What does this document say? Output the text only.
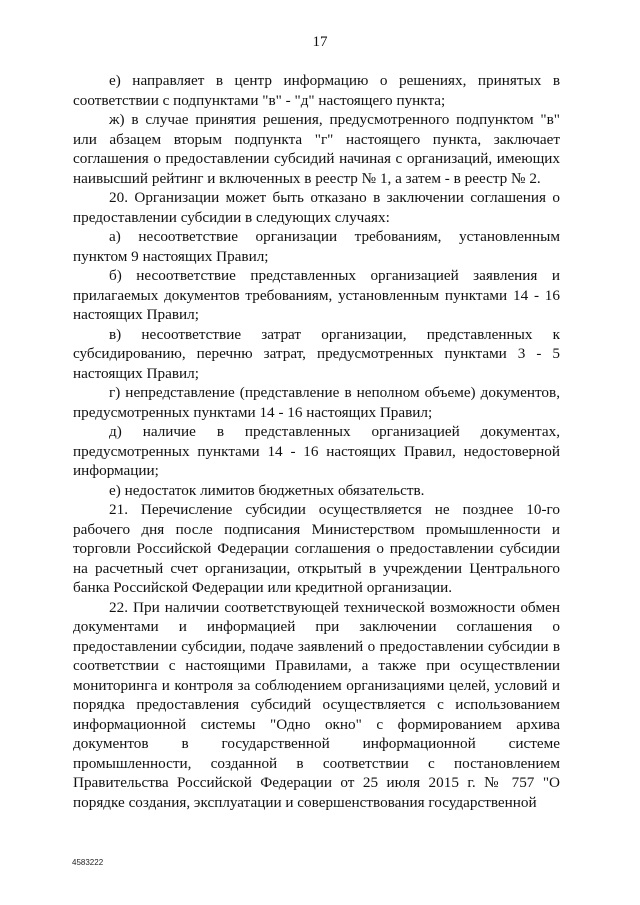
17

е) направляет в центр информацию о решениях, принятых в соответствии с подпунктами "в" - "д" настоящего пункта;

ж) в случае принятия решения, предусмотренного подпунктом "в" или абзацем вторым подпункта "г" настоящего пункта, заключает соглашения о предоставлении субсидий начиная с организаций, имеющих наивысший рейтинг и включенных в реестр № 1, а затем - в реестр № 2.

20. Организации может быть отказано в заключении соглашения о предоставлении субсидии в следующих случаях:

а) несоответствие организации требованиям, установленным пунктом 9 настоящих Правил;

б) несоответствие представленных организацией заявления и прилагаемых документов требованиям, установленным пунктами 14 - 16 настоящих Правил;

в) несоответствие затрат организации, представленных к субсидированию, перечню затрат, предусмотренных пунктами 3 - 5 настоящих Правил;

г) непредставление (представление в неполном объеме) документов, предусмотренных пунктами 14 - 16 настоящих Правил;

д) наличие в представленных организацией документах, предусмотренных пунктами 14 - 16 настоящих Правил, недостоверной информации;

е) недостаток лимитов бюджетных обязательств.

21. Перечисление субсидии осуществляется не позднее 10-го рабочего дня после подписания Министерством промышленности и торговли Российской Федерации соглашения о предоставлении субсидии на расчетный счет организации, открытый в учреждении Центрального банка Российской Федерации или кредитной организации.

22. При наличии соответствующей технической возможности обмен документами и информацией при заключении соглашения о предоставлении субсидии, подаче заявлений о предоставлении субсидии в соответствии с настоящими Правилами, а также при осуществлении мониторинга и контроля за соблюдением организациями целей, условий и порядка предоставления субсидий осуществляется с использованием информационной системы "Одно окно" с формированием архива документов в государственной информационной системе промышленности, созданной в соответствии с постановлением Правительства Российской Федерации от 25 июля 2015 г. № 757 "О порядке создания, эксплуатации и совершенствования государственной

4583222
